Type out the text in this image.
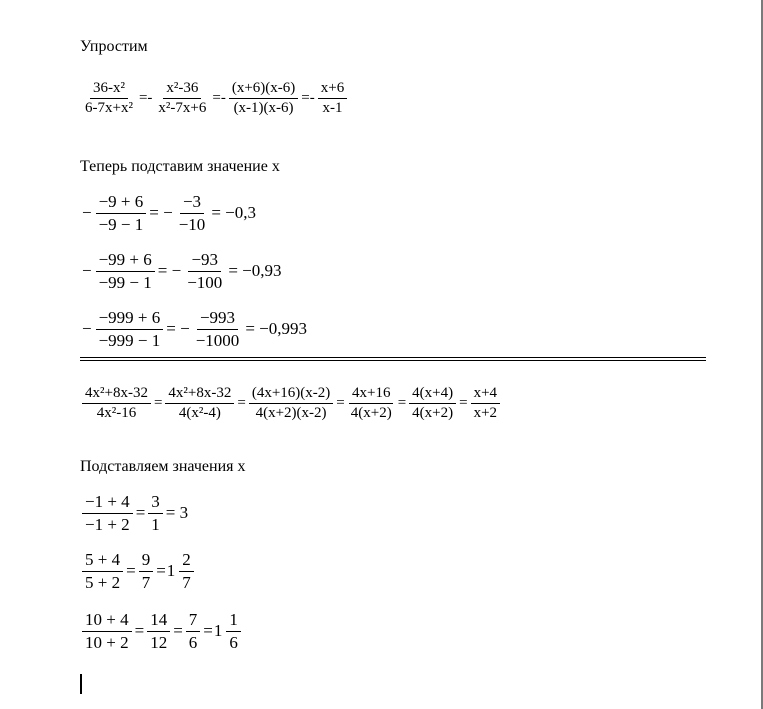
Упростим
$\frac{\text{36-x²}}{\text{6-7x+x²}} =- \frac{\text{x²-36}}{\text{x²-7x+6}} =- \frac{(x+6)(x-6)}{(x-1)(x-6)} =- \frac{x+6}{x-1}$
Теперь подставим значение x
− $\frac{-9 + 6}{-9 - 1}$ = − $\frac{-3}{-10} = -0,3$
− $\frac{-99 + 6}{-99 - 1}$ = − $\frac{-93}{-100} = -0,93$
− $\frac{-999 + 6}{-999 - 1}$ = − $\frac{-993}{-1000} = -0,993$
$\frac{\text{4x²+8x-32}}{\text{4x²-16}} = \frac{\text{4x²+8x-32}}{\text{4(x²-4)}} = \frac{(4x+16)(x-2)}{4(x+2)(x-2)} = \frac{4x+16}{4(x+2)} = \frac{4(x+4)}{4(x+2)} = \frac{x+4}{x+2}$
Подставляем значения x
$\frac{-1 + 4}{-1 + 2} = \frac{3}{1} = 3$
$\frac{5 + 4}{5 + 2} = \frac{9}{7} = 1 \frac{2}{7}$
$\frac{10 + 4}{10 + 2} = \frac{14}{12} = \frac{7}{6} = 1 \frac{1}{6}$
